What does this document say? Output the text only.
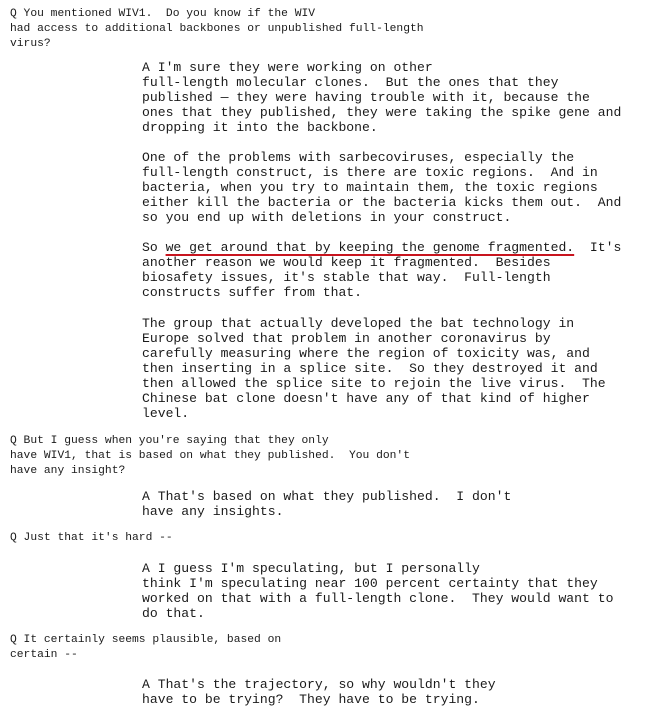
Q You mentioned WIV1.  Do you know if the WIV
had access to additional backbones or unpublished full-length
virus?
A I'm sure they were working on other
full-length molecular clones.  But the ones that they
published — they were having trouble with it, because the
ones that they published, they were taking the spike gene and
dropping it into the backbone.
One of the problems with sarbecoviruses, especially the
full-length construct, is there are toxic regions.  And in
bacteria, when you try to maintain them, the toxic regions
either kill the bacteria or the bacteria kicks them out.  And
so you end up with deletions in your construct.
So we get around that by keeping the genome fragmented.  It's
another reason we would keep it fragmented.  Besides
biosafety issues, it's stable that way.  Full-length
constructs suffer from that.
The group that actually developed the bat technology in
Europe solved that problem in another coronavirus by
carefully measuring where the region of toxicity was, and
then inserting in a splice site.  So they destroyed it and
then allowed the splice site to rejoin the live virus.  The
Chinese bat clone doesn't have any of that kind of higher
level.
Q But I guess when you're saying that they only
have WIV1, that is based on what they published.  You don't
have any insight?
A That's based on what they published.  I don't
have any insights.
Q Just that it's hard --
A I guess I'm speculating, but I personally
think I'm speculating near 100 percent certainty that they
worked on that with a full-length clone.  They would want to
do that.
Q It certainly seems plausible, based on
certain --
A That's the trajectory, so why wouldn't they
have to be trying?  They have to be trying.
